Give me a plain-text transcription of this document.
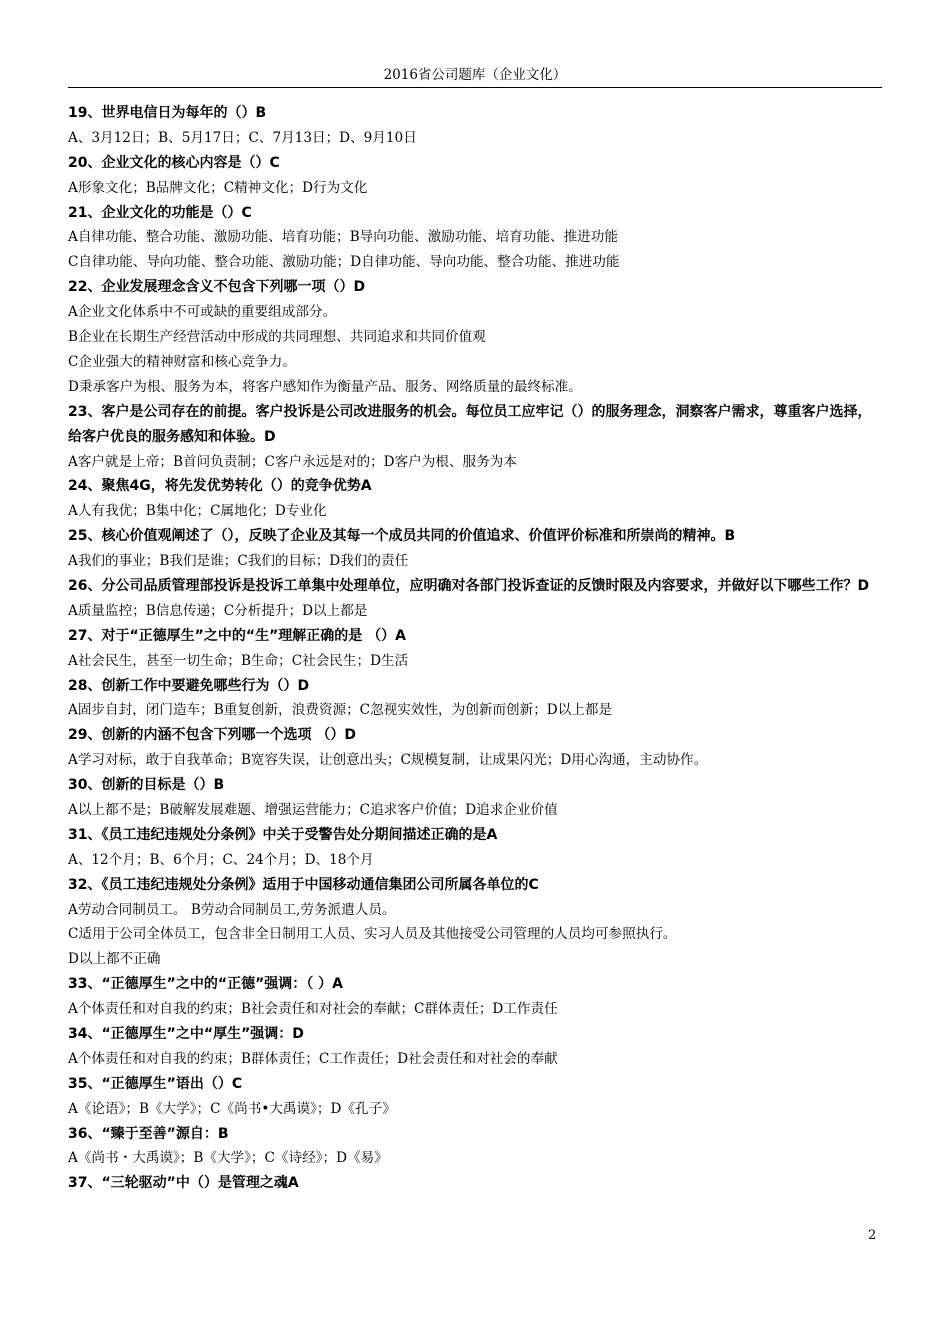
2016省公司题库（企业文化）
19、世界电信日为每年的（）B
A、3月12日；B、5月17日；C、7月13日；D、9月10日
20、企业文化的核心内容是（）C
A形象文化；B品牌文化；C精神文化；D行为文化
21、企业文化的功能是（）C
A自律功能、整合功能、激励功能、培育功能；B导向功能、激励功能、培育功能、推进功能
C自律功能、导向功能、整合功能、激励功能；D自律功能、导向功能、整合功能、推进功能
22、企业发展理念含义不包含下列哪一项（）D
A企业文化体系中不可或缺的重要组成部分。
B企业在长期生产经营活动中形成的共同理想、共同追求和共同价值观
C企业强大的精神财富和核心竞争力。
D秉承客户为根、服务为本，将客户感知作为衡量产品、服务、网络质量的最终标准。
23、客户是公司存在的前提。客户投诉是公司改进服务的机会。每位员工应牢记（）的服务理念，洞察客户需求，尊重客户选择，给客户优良的服务感知和体验。D
A客户就是上帝；B首问负责制；C客户永远是对的；D客户为根、服务为本
24、聚焦4G，将先发优势转化（）的竞争优势A
A人有我优；B集中化；C属地化；D专业化
25、核心价值观阐述了（），反映了企业及其每一个成员共同的价值追求、价值评价标准和所崇尚的精神。B
A我们的事业；B我们是谁；C我们的目标；D我们的责任
26、分公司品质管理部投诉是投诉工单集中处理单位，应明确对各部门投诉查证的反馈时限及内容要求，并做好以下哪些工作？D
A质量监控；B信息传递；C分析提升；D以上都是
27、对于“正德厚生”之中的“生”理解正确的是 （）A
A社会民生，甚至一切生命；B生命；C社会民生；D生活
28、创新工作中要避免哪些行为（）D
A固步自封，闭门造车；B重复创新，浪费资源；C忽视实效性，为创新而创新；D以上都是
29、创新的内涵不包含下列哪一个选项 （）D
A学习对标，敢于自我革命；B宽容失误，让创意出头；C规模复制，让成果闪光；D用心沟通，主动协作。
30、创新的目标是（）B
A以上都不是；B破解发展难题、增强运营能力；C追求客户价值；D追求企业价值
31、《员工违纪违规处分条例》中关于受警告处分期间描述正确的是A
A、12个月；B、6个月；C、24个月；D、18个月
32、《员工违纪违规处分条例》适用于中国移动通信集团公司所属各单位的C
A劳动合同制员工。 B劳动合同制员工,劳务派遣人员。
C适用于公司全体员工，包含非全日制用工人员、实习人员及其他接受公司管理的人员均可参照执行。
D以上都不正确
33、“正德厚生”之中的“正德”强调：（ ）A
A个体责任和对自我的约束；B社会责任和对社会的奉献；C群体责任；D工作责任
34、“正德厚生”之中“厚生”强调：D
A个体责任和对自我的约束；B群体责任；C工作责任；D社会责任和对社会的奉献
35、“正德厚生”语出（）C
A《论语》；B《大学》；C《尚书•大禹谟》；D《孔子》
36、“臻于至善”源自：B
A《尚书・大禹谟》；B《大学》；C《诗经》；D《易》
37、“三轮驱动”中（）是管理之魂A
2
